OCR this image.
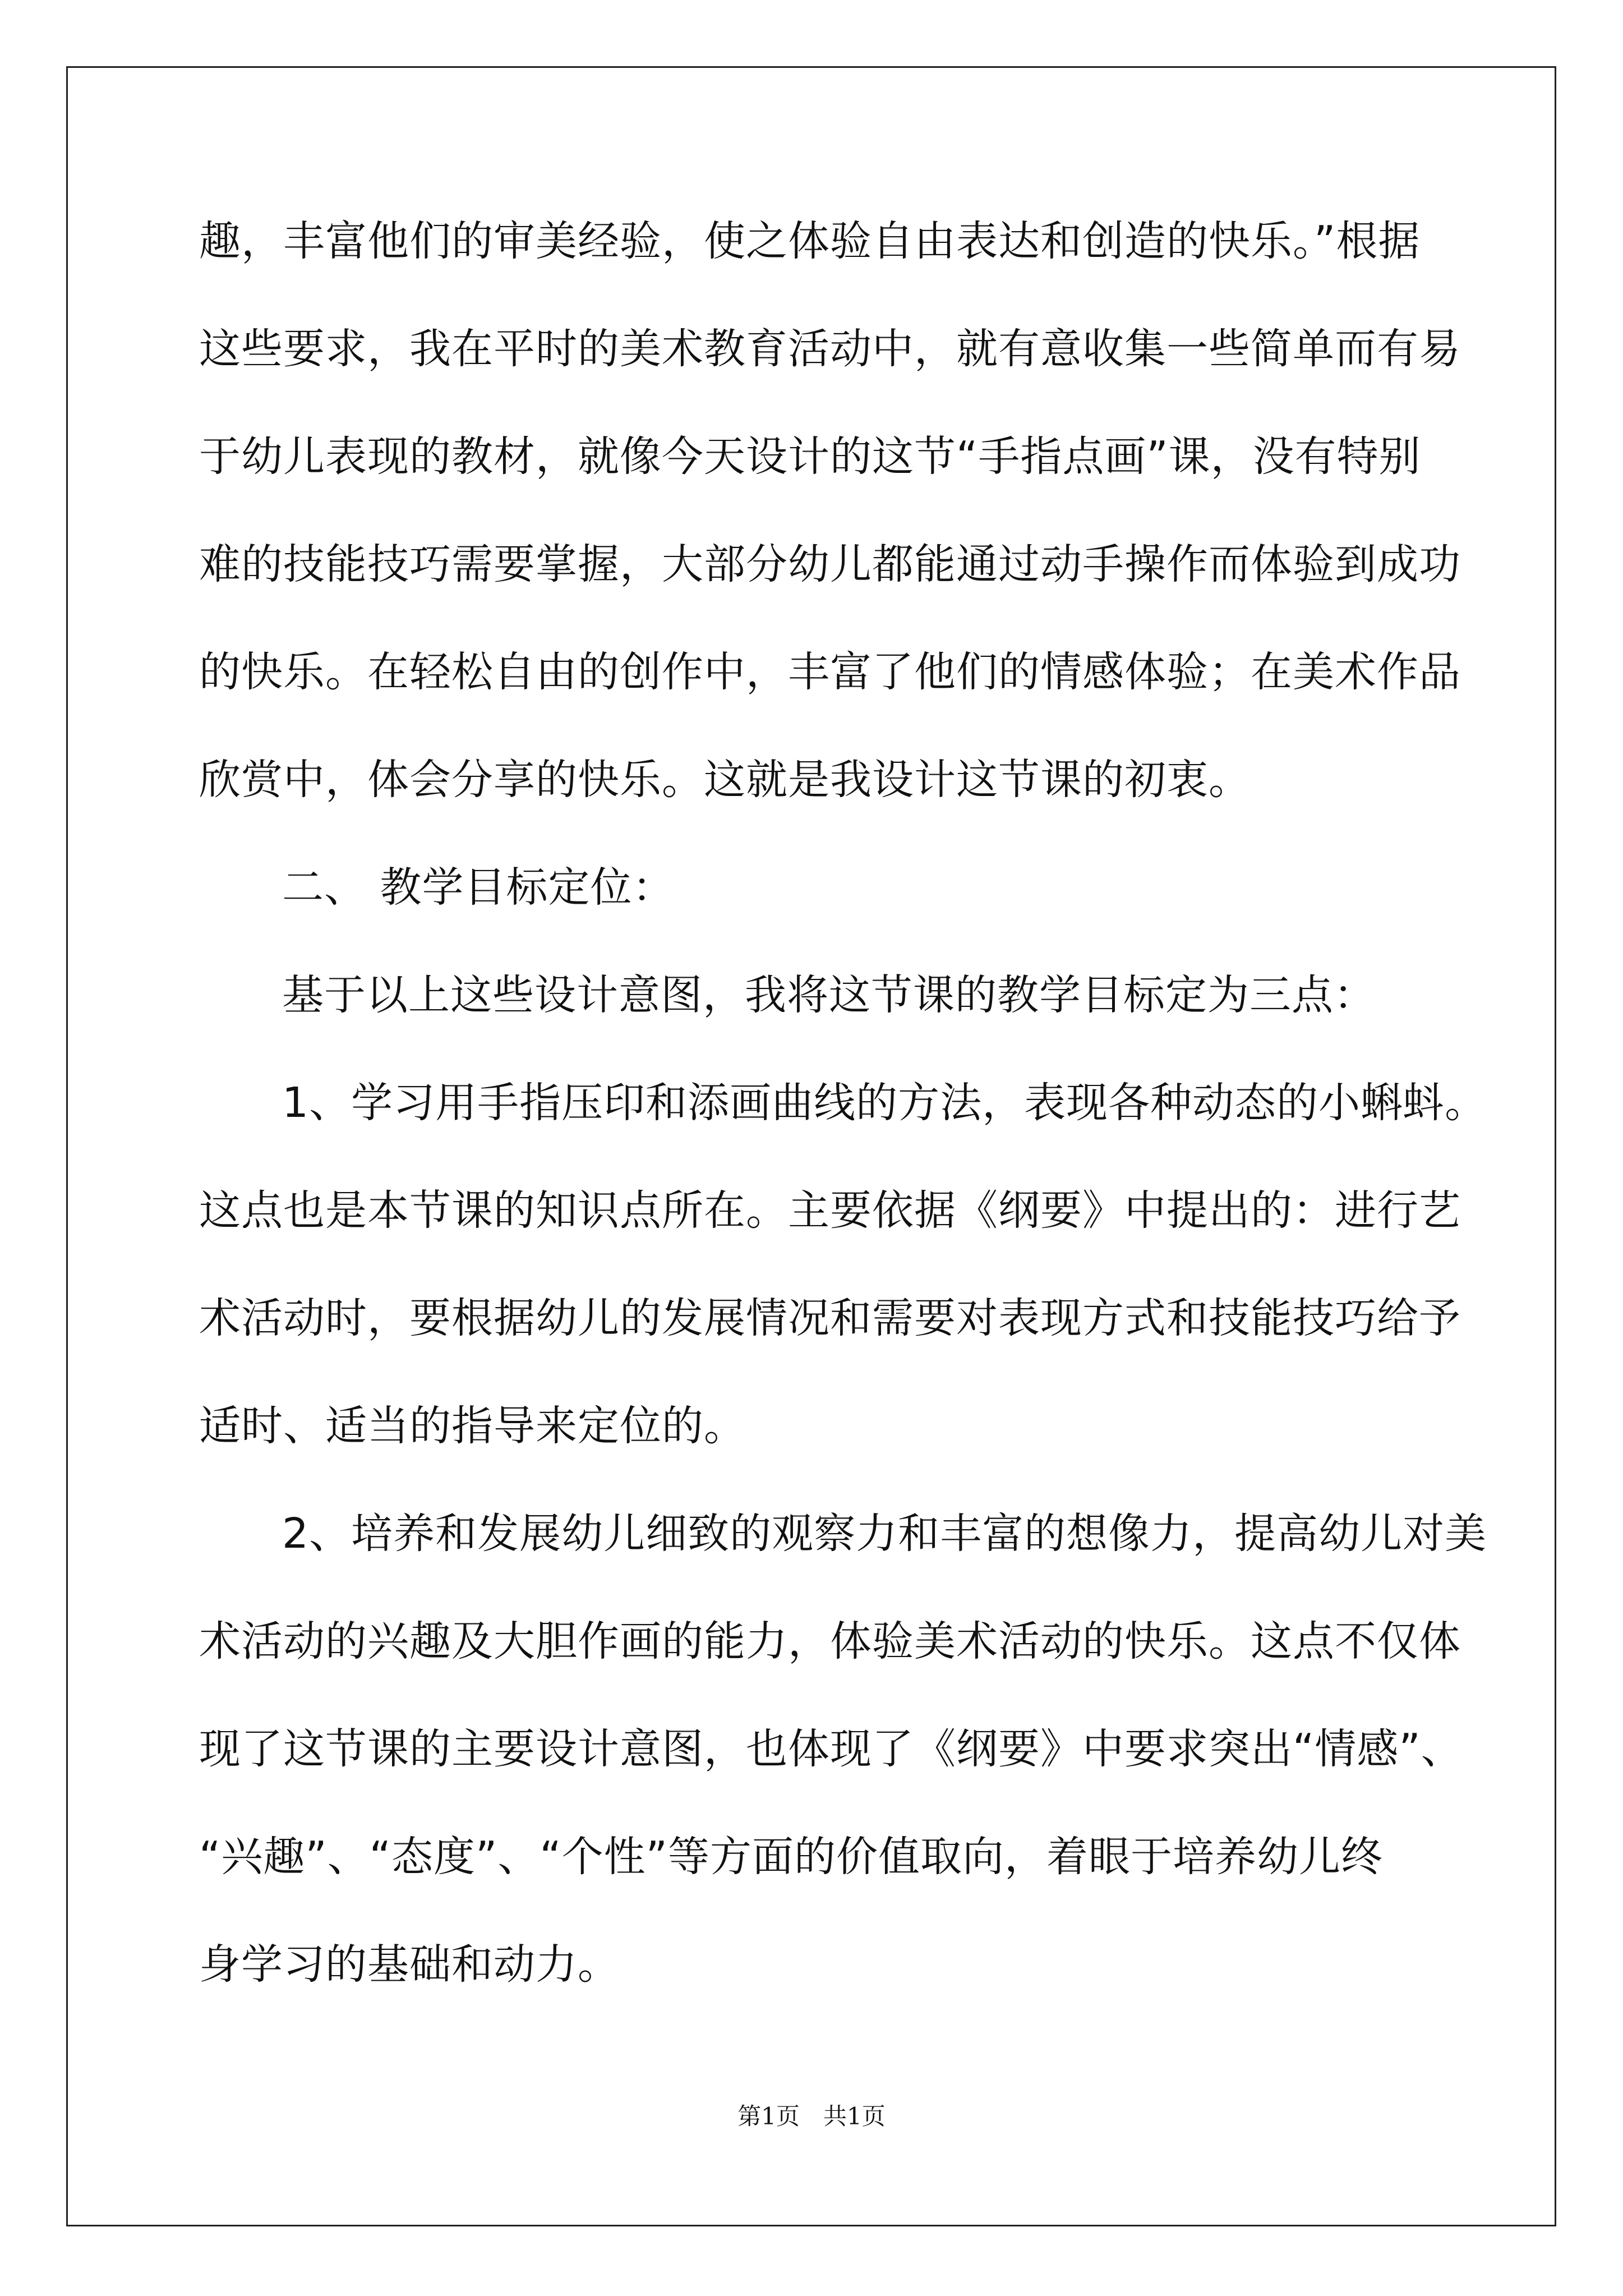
趣，丰富他们的审美经验，使之体验自由表达和创造的快乐。”根据
这些要求，我在平时的美术教育活动中，就有意收集一些简单而有易
于幼儿表现的教材，就像今天设计的这节“手指点画”课，没有特别
难的技能技巧需要掌握，大部分幼儿都能通过动手操作而体验到成功
的快乐。在轻松自由的创作中，丰富了他们的情感体验；在美术作品
欣赏中，体会分享的快乐。这就是我设计这节课的初衷。
二、 教学目标定位：
基于以上这些设计意图，我将这节课的教学目标定为三点：
1、学习用手指压印和添画曲线的方法，表现各种动态的小蝌蚪。
这点也是本节课的知识点所在。主要依据《纲要》中提出的：进行艺
术活动时，要根据幼儿的发展情况和需要对表现方式和技能技巧给予
适时、适当的指导来定位的。
2、培养和发展幼儿细致的观察力和丰富的想像力，提高幼儿对美
术活动的兴趣及大胆作画的能力，体验美术活动的快乐。这点不仅体
现了这节课的主要设计意图，也体现了《纲要》中要求突出“情感”、
“兴趣”、“态度”、“个性”等方面的价值取向，着眼于培养幼儿终
身学习的基础和动力。
第1页　共1页
